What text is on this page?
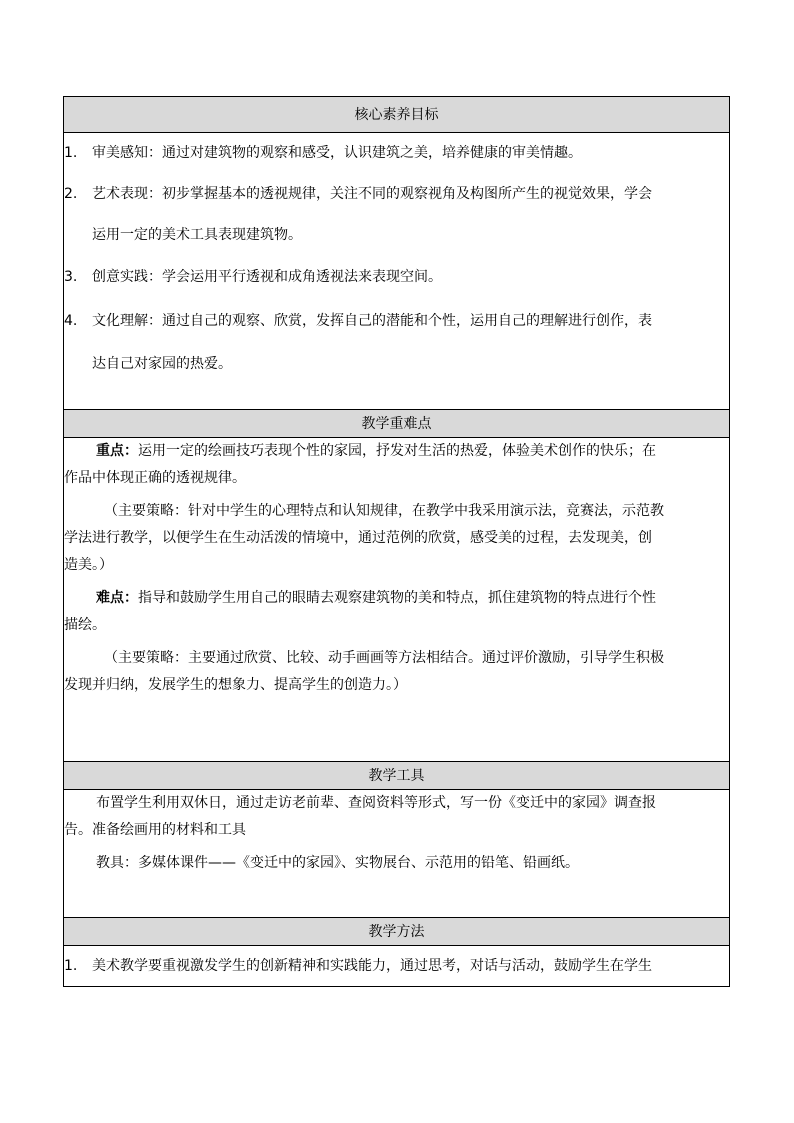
核心素养目标
1.	审美感知：通过对建筑物的观察和感受，认识建筑之美，培养健康的审美情趣。
2.	艺术表现：初步掌握基本的透视规律，关注不同的观察视角及构图所产生的视觉效果，学会
运用一定的美术工具表现建筑物。
3.	创意实践：学会运用平行透视和成角透视法来表现空间。
4.	文化理解：通过自己的观察、欣赏，发挥自己的潜能和个性，运用自己的理解进行创作，表
达自己对家园的热爱。
教学重难点
重点：运用一定的绘画技巧表现个性的家园，抒发对生活的热爱，体验美术创作的快乐；在
作品中体现正确的透视规律。
（主要策略：针对中学生的心理特点和认知规律，在教学中我采用演示法，竞赛法，示范教
学法进行教学，以便学生在生动活泼的情境中，通过范例的欣赏，感受美的过程，去发现美，创
造美。）
难点：指导和鼓励学生用自己的眼睛去观察建筑物的美和特点，抓住建筑物的特点进行个性
描绘。
（主要策略：主要通过欣赏、比较、动手画画等方法相结合。通过评价激励，引导学生积极
发现并归纳，发展学生的想象力、提高学生的创造力。）
教学工具
布置学生利用双休日，通过走访老前辈、查阅资料等形式，写一份《变迁中的家园》调查报
告。准备绘画用的材料和工具
教具：多媒体课件——《变迁中的家园》、实物展台、示范用的铅笔、铅画纸。
教学方法
1.	美术教学要重视激发学生的创新精神和实践能力，通过思考，对话与活动，鼓励学生在学生
